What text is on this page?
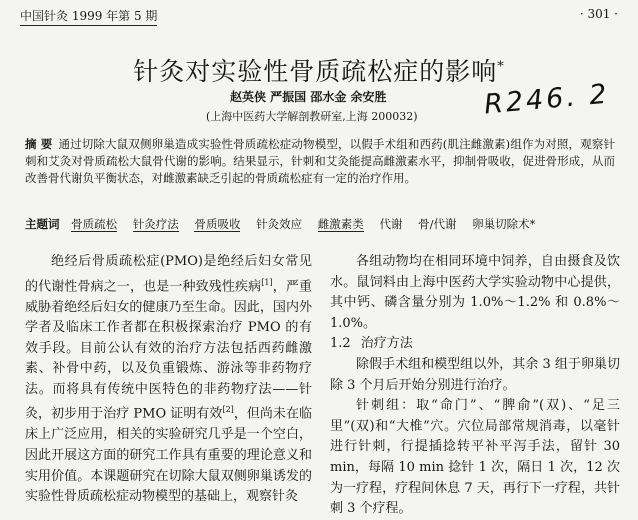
中国针灸 1999 年第 5 期	· 301 ·
针灸对实验性骨质疏松症的影响*
赵英侠 严振国 邵水金 余安胜
(上海中医药大学解剖教研室,上海 200032) R246. 2
摘 要 通过切除大鼠双侧卵巢造成实验性骨质疏松症动物模型，以假手术组和西药(肌注雌激素)组作为对照，观察针刺和艾灸对骨质疏松大鼠骨代谢的影响。结果显示，针刺和艾灸能提高雌激素水平，抑制骨吸收，促进骨形成，从而改善骨代谢负平衡状态，对雌激素缺乏引起的骨质疏松症有一定的治疗作用。
主题词 骨质疏松 针灸疗法 骨质吸收 针灸效应 雌激素类 代谢 骨/代谢 卵巢切除术*

绝经后骨质疏松症(PMO)是绝经后妇女常见的代谢性骨病之一，也是一种致残性疾病[1]，严重威胁着绝经后妇女的健康乃至生命。因此，国内外学者及临床工作者都在积极探索治疗 PMO 的有效手段。目前公认有效的治疗方法包括西药雌激素、补骨中药，以及负重锻炼、游泳等非药物疗法。而将具有传统中医特色的非药物疗法——针灸，初步用于治疗 PMO 证明有效[2]，但尚未在临床上广泛应用，相关的实验研究几乎是一个空白，因此开展这方面的研究工作具有重要的理论意义和实用价值。本课题研究在切除大鼠双侧卵巢诱发的实验性骨质疏松症动物模型的基础上，观察针灸

各组动物均在相同环境中饲养，自由摄食及饮水。鼠饲料由上海中医药大学实验动物中心提供，其中钙、磷含量分别为 1.0%～1.2% 和 0.8%～1.0%。

1.2 治疗方法

除假手术组和模型组以外，其余 3 组于卵巢切除 3 个月后开始分别进行治疗。

针刺组：取“命门”、“脾俞”(双)、“足三里”(双)和“大椎”穴。穴位局部常规消毒，以毫针进行针刺，行提插捻转平补平泻手法，留针 30 min，每隔 10 min 捻针 1 次，隔日 1 次，12 次为一疗程，疗程间休息 7 天，再行下一疗程，共针刺 3 个疗程。
